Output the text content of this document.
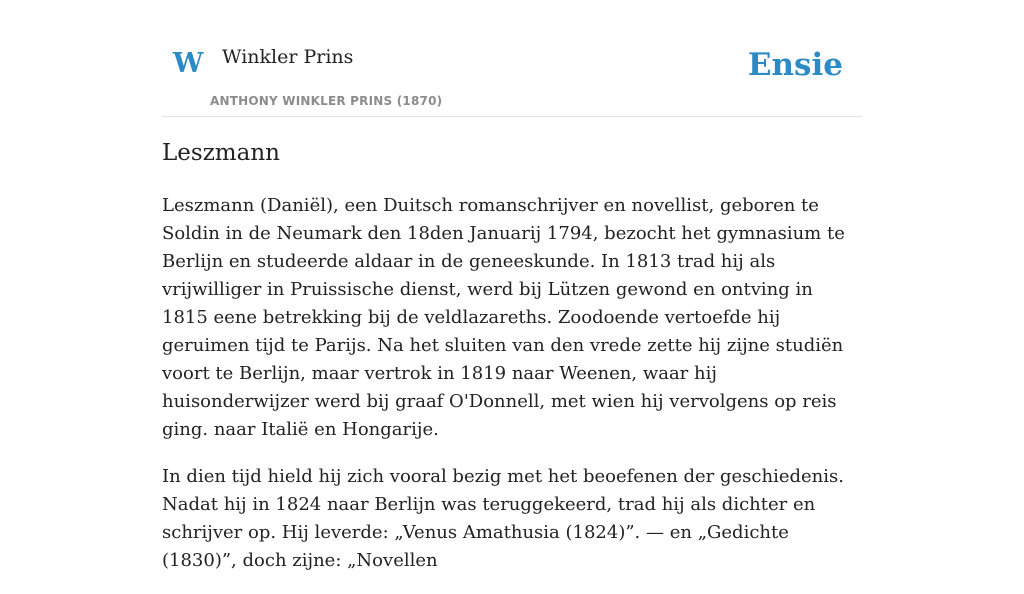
W Winkler Prins
ANTHONY WINKLER PRINS (1870)
Ensie
Leszmann

Leszmann (Daniël), een Duitsch romanschrijver en novellist, geboren te Soldin in de Neumark den 18den Januarij 1794, bezocht het gymnasium te Berlijn en studeerde aldaar in de geneeskunde. In 1813 trad hij als vrijwilliger in Pruissische dienst, werd bij Lützen gewond en ontving in 1815 eene betrekking bij de veldlazareths. Zoodoende vertoefde hij geruimen tijd te Parijs. Na het sluiten van den vrede zette hij zijne studiën voort te Berlijn, maar vertrok in 1819 naar Weenen, waar hij huisonderwijzer werd bij graaf O'Donnell, met wien hij vervolgens op reis ging. naar Italië en Hongarije.

In dien tijd hield hij zich vooral bezig met het beoefenen der geschiedenis. Nadat hij in 1824 naar Berlijn was teruggekeerd, trad hij als dichter en schrijver op. Hij leverde: „Venus Amathusia (1824)”. — en „Gedichte (1830)”, doch zijne: „Novellen
